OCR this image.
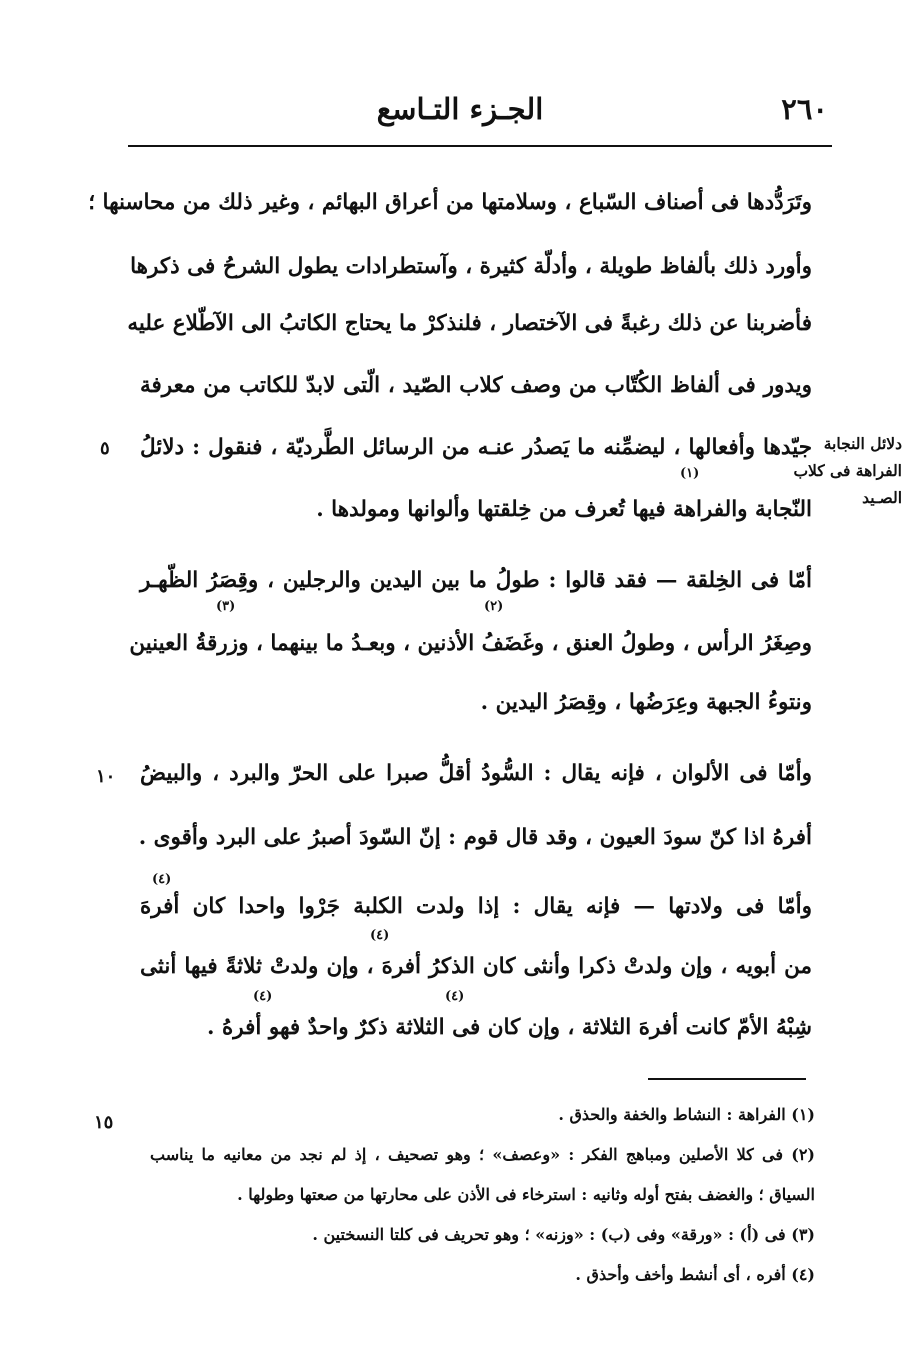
٢٦٠
الجـزء التـاسع
وتَرَدُّدها فى أصناف السّباع ، وسلامتها من أعراق البهائم ، وغير ذلك من محاسنها ؛
وأورد ذلك بألفاظ طويلة ، وأدلّة كثيرة ، وآستطرادات يطول الشرحُ فى ذكرها
فأضربنا عن ذلك رغبةً فى الآختصار ، فلنذكرْ ما يحتاج الكاتبُ الى الآطّلاع عليه
ويدور فى ألفاظ الكُتّاب من وصف كلاب الصّيد ، الّتى لابدّ للكاتب من معرفة
جيّدها وأفعالها ، ليضمِّنه ما يَصدُر عنـه من الرسائل الطَّرديّة ، فنقول : دلائلُ
النّجابة والفراهة فيها تُعرف من خِلقتها وألوانها ومولدها .
أمّا فى الخِلقة — فقد قالوا : طولُ ما بين اليدين والرجلين ، وقِصَرُ الظّهـر
وصِغَرُ الرأس ، وطولُ العنق ، وغَضَفُ الأذنين ، وبعـدُ ما بينهما ، وزرقةُ العينين
ونتوءُ الجبهة وعِرَضُها ، وقِصَرُ اليدين .
وأمّا فى الألوان ، فإنه يقال : السُّودُ أقلُّ صبرا على الحرّ والبرد ، والبيضُ
أفرهُ اذا كنّ سودَ العيون ، وقد قال قوم : إنّ السّودَ أصبرُ على البرد وأقوى .
وأمّا فى ولادتها — فإنه يقال : إذا ولدت الكلبة جَرْوا واحدا كان أفرهَ
من أبويه ، وإن ولدتْ ذكرا وأنثى كان الذكرُ أفرهَ ، وإن ولدتْ ثلاثةً فيها أنثى
شِبْهُ الأمّ كانت أفرهَ الثلاثة ، وإن كان فى الثلاثة ذكرٌ واحدٌ فهو أفرهُ .
(١)
(٢)
(٣)
(٤)
(٤)
(٤)
(٤)
دلائل النجابة
الفراهة فى كلاب
الصـيد
٥
١٠
١٥	(١) الفراهة : النشاط والخفة والحذق .
(٢) فى كلا الأصلين ومباهج الفكر : «وعصف» ؛ وهو تصحيف ، إذ لم نجد من معانيه ما يناسب
السياق ؛ والغضف بفتح أوله وثانيه : استرخاء فى الأذن على محارتها من صعتها وطولها .
(٣) فى (أ) : «ورقة» وفى (ب) : «وزنه» ؛ وهو تحريف فى كلتا النسختين .
(٤) أفره ، أى أنشط وأخف وأحذق .
